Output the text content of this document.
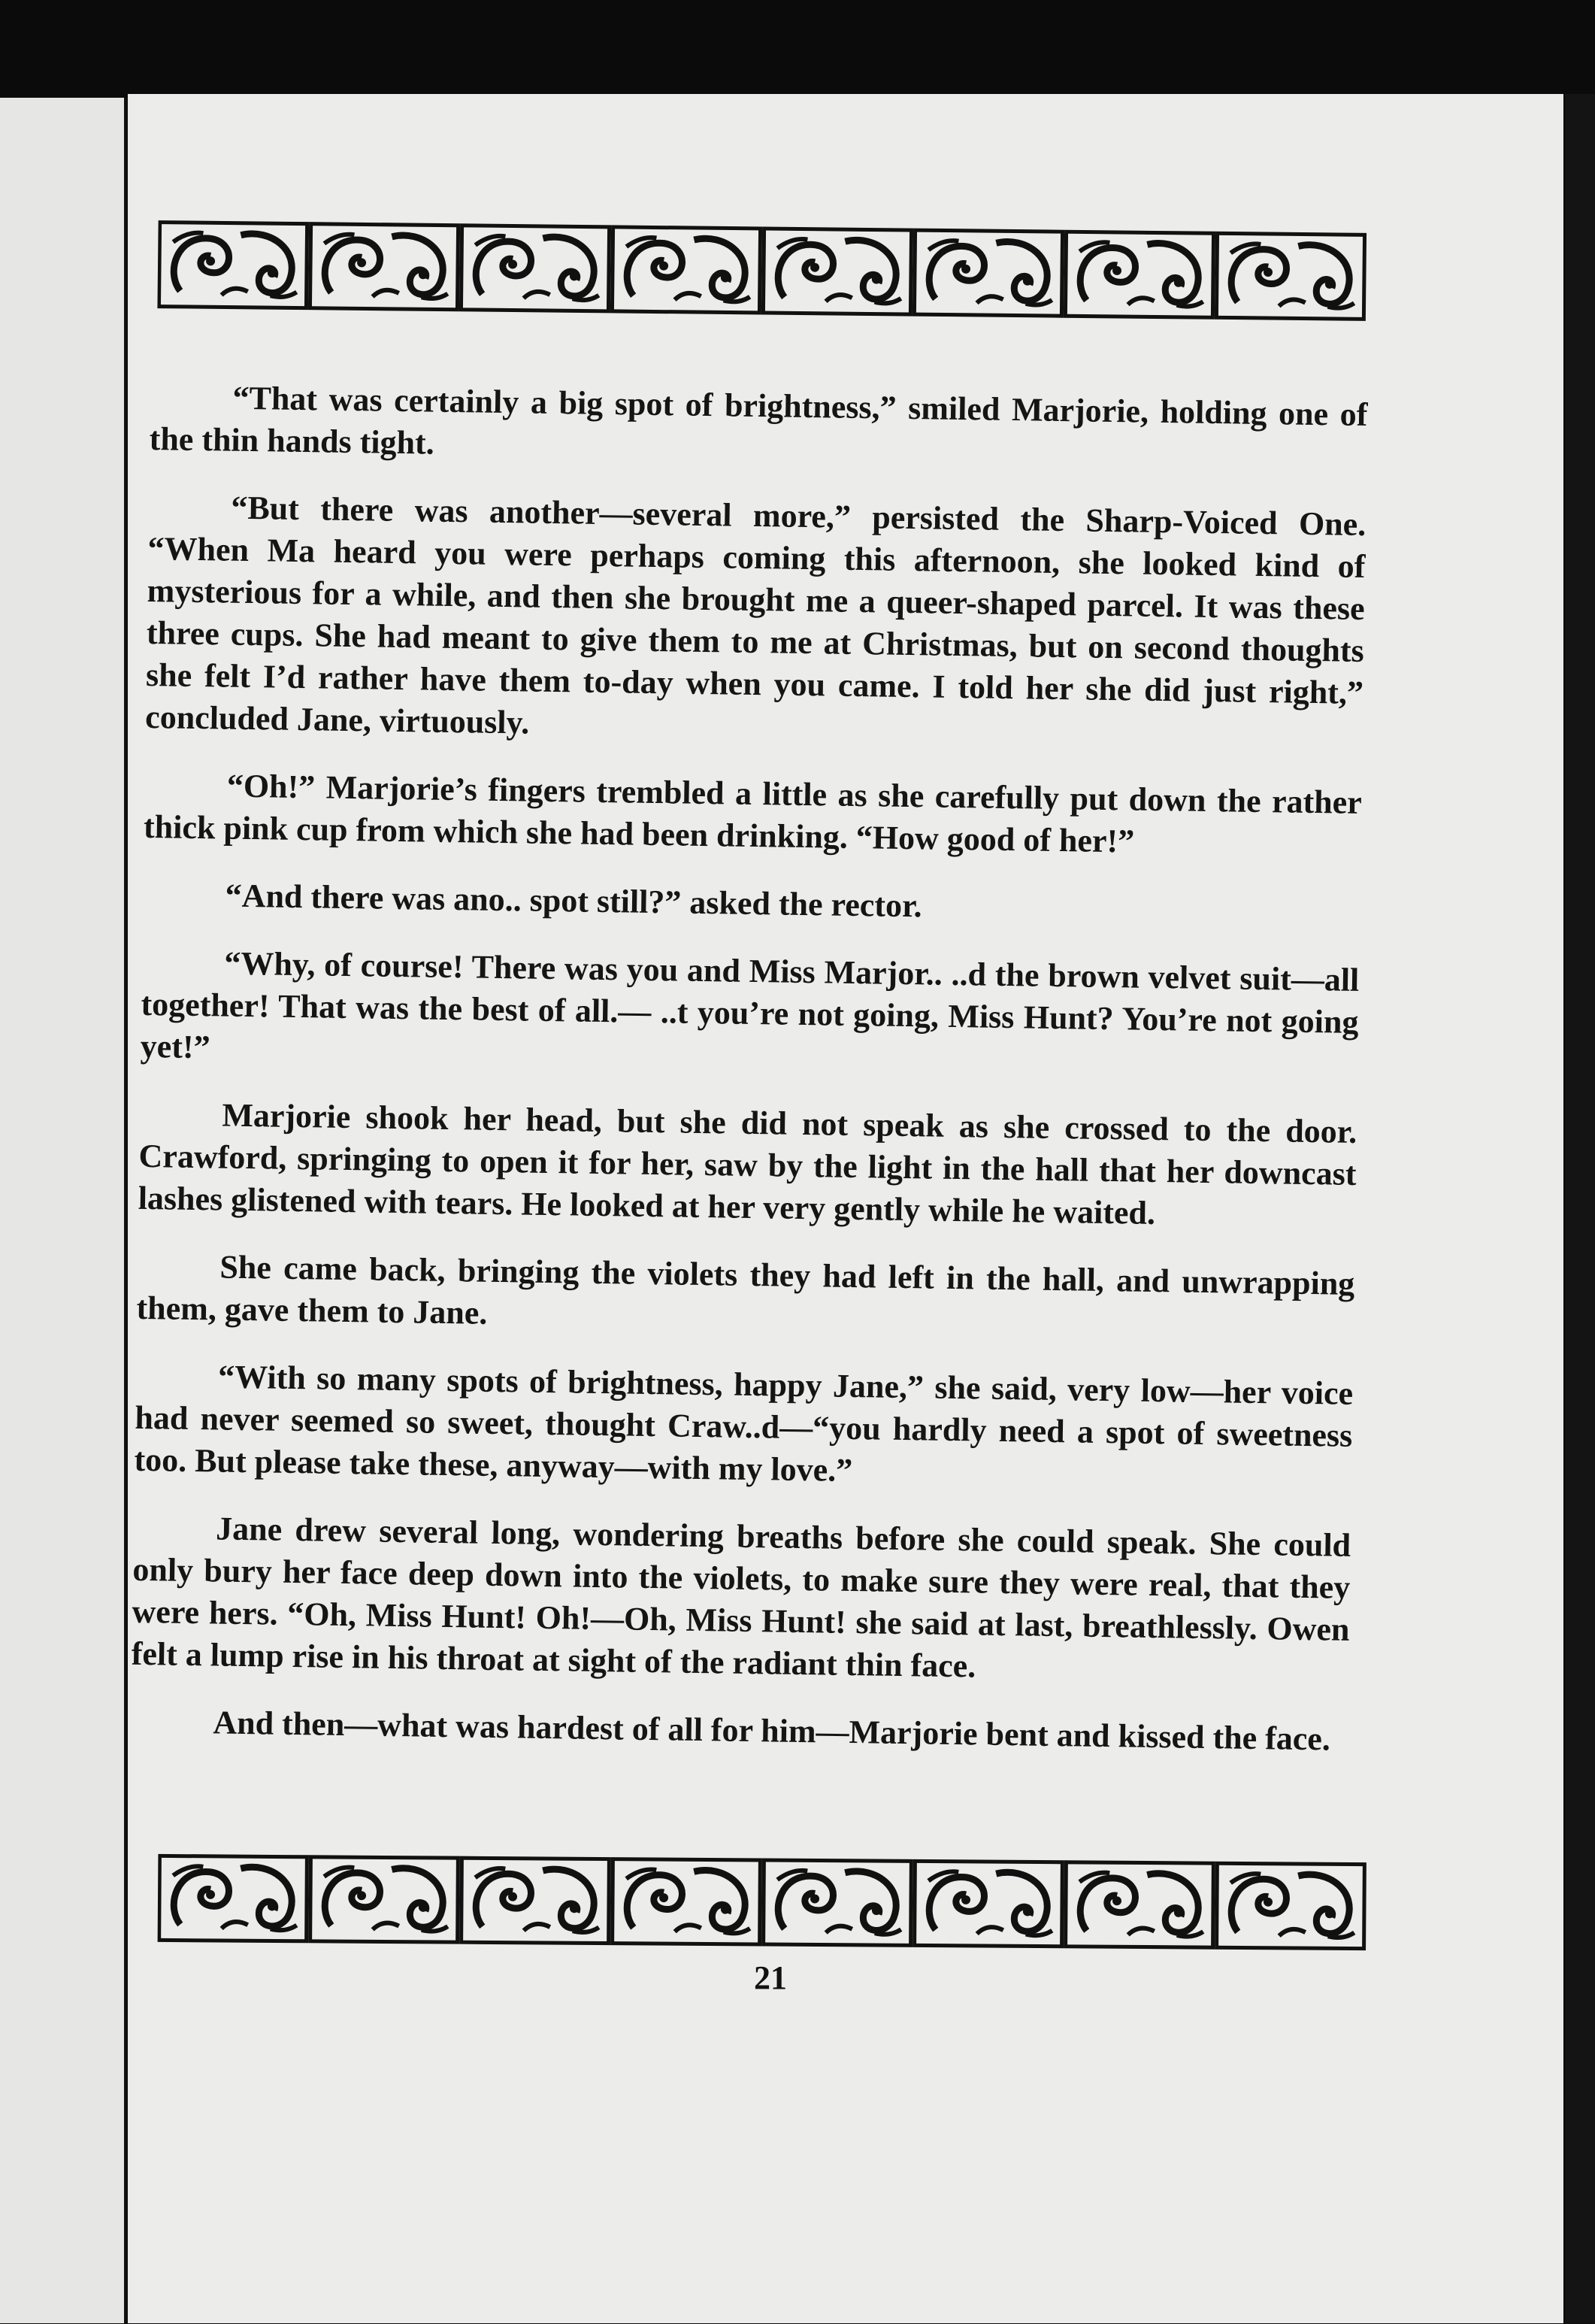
“That was certainly a big spot of brightness,” smiled Marjorie, holding one of the thin hands tight.

“But there was another—several more,” persisted the Sharp-Voiced One. “When Ma heard you were perhaps coming this afternoon, she looked kind of mysterious for a while, and then she brought me a queer-shaped parcel. It was these three cups. She had meant to give them to me at Christmas, but on second thoughts she felt I’d rather have them to-day when you came. I told her she did just right,” concluded Jane, virtuously.

“Oh!” Marjorie’s fingers trembled a little as she carefully put down the rather thick pink cup from which she had been drinking. “How good of her!”

“And there was ano.. spot still?” asked the rector.

“Why, of course! There was you and Miss Marjor.. ..d the brown velvet suit—all together! That was the best of all.— ..t you’re not going, Miss Hunt? You’re not going yet!”

Marjorie shook her head, but she did not speak as she crossed to the door. Crawford, springing to open it for her, saw by the light in the hall that her downcast lashes glistened with tears. He looked at her very gently while he waited.

She came back, bringing the violets they had left in the hall, and unwrapping them, gave them to Jane.

“With so many spots of brightness, happy Jane,” she said, very low—her voice had never seemed so sweet, thought Craw..d—“you hardly need a spot of sweetness too. But please take these, anyway—with my love.”

Jane drew several long, wondering breaths before she could speak. She could only bury her face deep down into the violets, to make sure they were real, that they were hers. “Oh, Miss Hunt! Oh!—Oh, Miss Hunt! she said at last, breathlessly. Owen felt a lump rise in his throat at sight of the radiant thin face.

And then—what was hardest of all for him—Marjorie bent and kissed the face.

21
